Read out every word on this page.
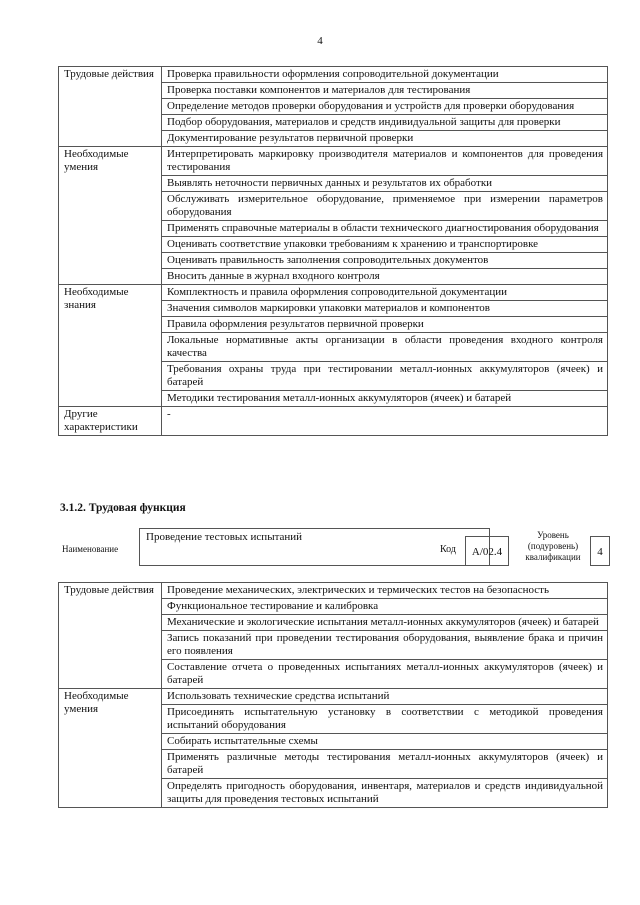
4
Трудовые действия	Проверка правильности оформления сопроводительной документации
	Проверка поставки компонентов и материалов для тестирования
	Определение методов проверки оборудования и устройств для проверки оборудования
	Подбор оборудования, материалов и средств индивидуальной защиты для проверки
	Документирование результатов первичной проверки
Необходимые умения	Интерпретировать маркировку производителя материалов и компонентов для проведения тестирования
	Выявлять неточности первичных данных и результатов их обработки
	Обслуживать измерительное оборудование, применяемое при измерении параметров оборудования
	Применять справочные материалы в области технического диагностирования оборудования
	Оценивать соответствие упаковки требованиям к хранению и транспортировке
	Оценивать правильность заполнения сопроводительных документов
	Вносить данные в журнал входного контроля
Необходимые знания	Комплектность и правила оформления сопроводительной документации
	Значения символов маркировки упаковки материалов и компонентов
	Правила оформления результатов первичной проверки
	Локальные нормативные акты организации в области проведения входного контроля качества
	Требования охраны труда при тестировании металл-ионных аккумуляторов (ячеек) и батарей
	Методики тестирования металл-ионных аккумуляторов (ячеек) и батарей
Другие характеристики	-
3.1.2. Трудовая функция
Наименование
Проведение тестовых испытаний
Код	A/02.4
Уровень (подуровень) квалификации	4
Трудовые действия	Проведение механических, электрических и термических тестов на безопасность
	Функциональное тестирование и калибровка
	Механические и экологические испытания металл-ионных аккумуляторов (ячеек) и батарей
	Запись показаний при проведении тестирования оборудования, выявление брака и причин его появления
	Составление отчета о проведенных испытаниях металл-ионных аккумуляторов (ячеек) и батарей
Необходимые умения	Использовать технические средства испытаний
	Присоединять испытательную установку в соответствии с методикой проведения испытаний оборудования
	Собирать испытательные схемы
	Применять различные методы тестирования металл-ионных аккумуляторов (ячеек) и батарей
	Определять пригодность оборудования, инвентаря, материалов и средств индивидуальной защиты для проведения тестовых испытаний
